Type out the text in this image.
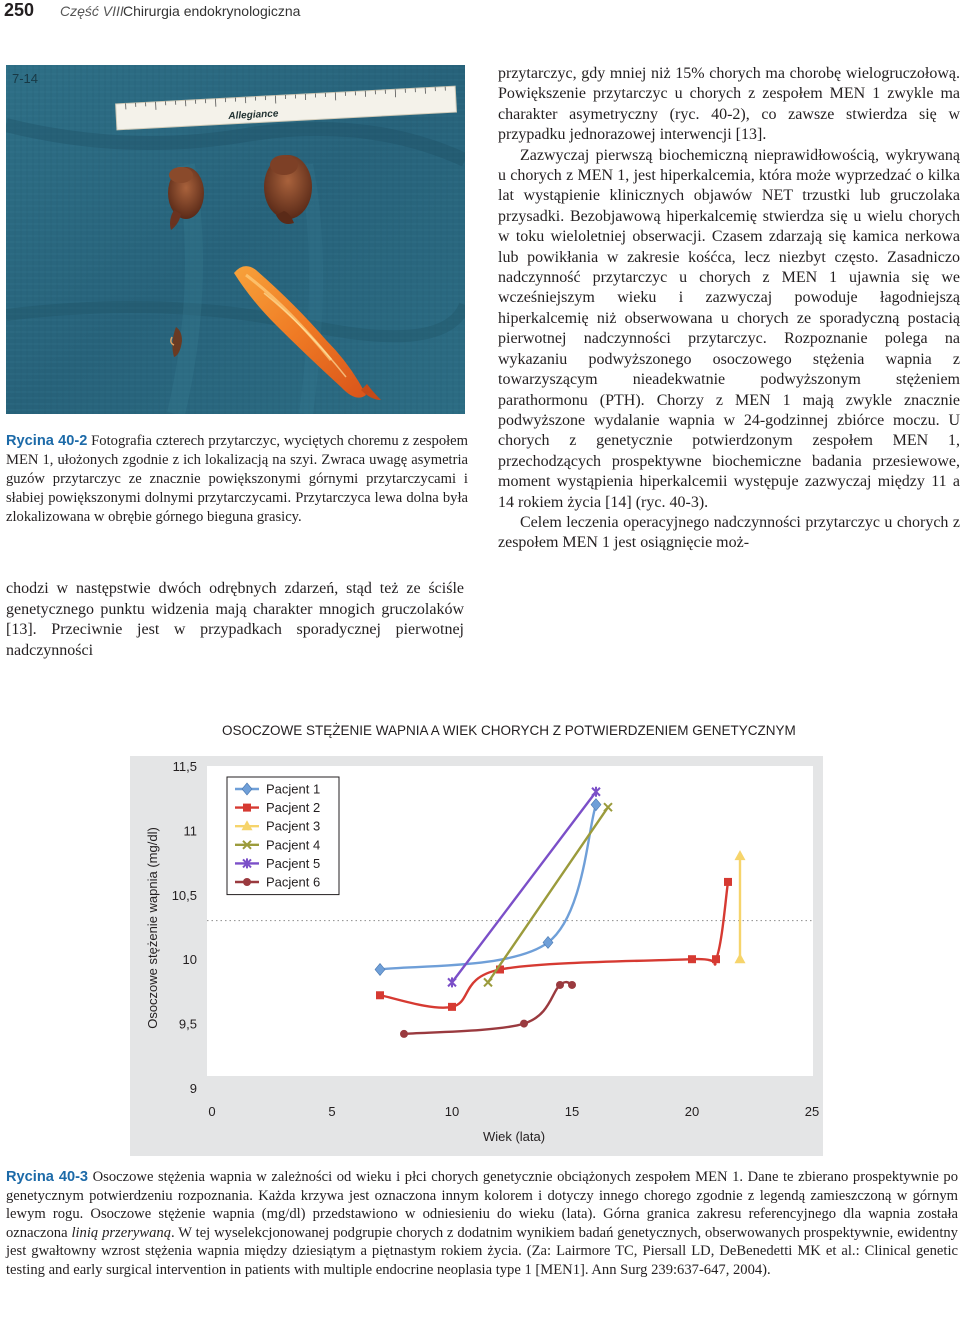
250 Część VIII Chirurgia endokrynologiczna
Allegiance
7-14
Rycina 40-2 Fotografia czterech przytarczyc, wyciętych choremu z zespołem MEN 1, ułożonych zgodnie z ich lokalizacją na szyi. Zwraca uwagę asymetria guzów przytarczyc ze znacznie powiększonymi górnymi przytarczycami i słabiej powiększonymi dolnymi przytarczycami. Przytarczyca lewa dolna była zlokalizowana w obrębie górnego bieguna grasicy.
chodzi w następstwie dwóch odrębnych zdarzeń, stąd też ze ściśle genetycznego punktu widzenia mają charakter mnogich gruczolaków [13]. Przeciwnie jest w przypadkach sporadycznej pierwotnej nadczynności

przytarczyc, gdy mniej niż 15% chorych ma chorobę wielogruczołową. Powiększenie przytarczyc u chorych z zespołem MEN 1 zwykle ma charakter asymetryczny (ryc. 40-2), co zawsze stwierdza się w przypadku jednorazowej interwencji [13].

Zazwyczaj pierwszą biochemiczną nieprawidłowością, wykrywaną u chorych z MEN 1, jest hiperkalcemia, która może wyprzedzać o kilka lat wystąpienie klinicznych objawów NET trzustki lub gruczolaka przysadki. Bezobjawową hiperkalcemię stwierdza się u wielu chorych w toku wieloletniej obserwacji. Czasem zdarzają się kamica nerkowa lub powikłania w zakresie kośćca, lecz niezbyt często. Zasadniczo nadczynność przytarczyc u chorych z MEN 1 ujawnia się we wcześniejszym wieku i zazwyczaj powoduje łagodniejszą hiperkalcemię niż obserwowana u chorych ze sporadyczną postacią pierwotnej nadczynności przytarczyc. Rozpoznanie polega na wykazaniu podwyższonego osoczowego stężenia wapnia z towarzyszącym nieadekwatnie podwyższonym stężeniem parathormonu (PTH). Chorzy z MEN 1 mają zwykle znacznie podwyższone wydalanie wapnia w 24-godzinnej zbiórce moczu. U chorych z genetycznie potwierdzonym zespołem MEN 1, przechodzących prospektywne biochemiczne badania przesiewowe, moment wystąpienia hiperkalcemii występuje zazwyczaj między 11 a 14 rokiem życia [14] (ryc. 40-3).

Celem leczenia operacyjnego nadczynności przytarczyc u chorych z zespołem MEN 1 jest osiągnięcie moż-

OSOCZOWE STĘŻENIE WAPNIA A WIEK CHORYCH Z POTWIERDZENIEM GENETYCZNYM
9
9,5
10
10,5
11
11,5
0	5	10	15	20	25
Pacjent 1
Pacjent 2
Pacjent 3
Pacjent 4
Pacjent 5
Pacjent 6
Wiek (lata)
Osoczowe stężenie wapnia (mg/dl)
Rycina 40-3 Osoczowe stężenia wapnia w zależności od wieku i płci chorych genetycznie obciążonych zespołem MEN 1. Dane te zbierano prospektywnie po genetycznym potwierdzeniu rozpoznania. Każda krzywa jest oznaczona innym kolorem i dotyczy innego chorego zgodnie z legendą zamieszczoną w górnym lewym rogu. Osoczowe stężenie wapnia (mg/dl) przedstawiono w odniesieniu do wieku (lata). Górna granica zakresu referencyjnego dla wapnia została oznaczona linią przerywaną. W tej wyselekcjonowanej podgrupie chorych z dodatnim wynikiem badań genetycznych, obserwowanych prospektywnie, ewidentny jest gwałtowny wzrost stężenia wapnia między dziesiątym a piętnastym rokiem życia. (Za: Lairmore TC, Piersall LD, DeBenedetti MK et al.: Clinical genetic testing and early surgical intervention in patients with multiple endocrine neoplasia type 1 [MEN1]. Ann Surg 239:637-647, 2004).
